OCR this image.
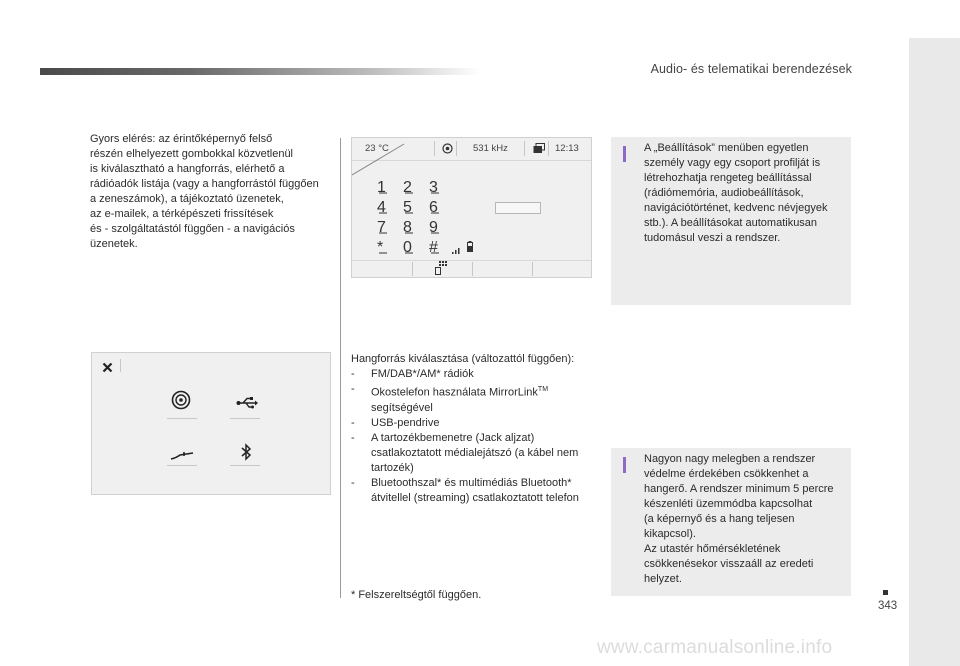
Audio- és telematikai berendezések
343
Gyors elérés: az érintőképernyő felső
részén elhelyezett gombokkal közvetlenül
is kiválasztható a hangforrás, elérhető a
rádióadók listája (vagy a hangforrástól függően
a zeneszámok), a tájékoztató üzenetek,
az e-mailek, a térképészeti frissítések
és - szolgáltatástól függően - a navigációs
üzenetek.
23 °C	531 kHz	12:13
1 2 3
4 5 6
7 8 9
* 0 #
Hangforrás kiválasztása (változattól függően):
- FM/DAB*/AM* rádiók
- Okostelefon használata MirrorLink™
segítségével
- USB-pendrive
- A tartozékbemenetre (Jack aljzat) csatlakoztatott médialejátszó (a kábel nem tartozék)
- Bluetoothszal* és multimédiás Bluetooth* átvitellel (streaming) csatlakoztatott telefon
* Felszereltségtől függően.
A „Beállítások” menüben egyetlen
személy vagy egy csoport profilját is
létrehozhatja rengeteg beállítással
(rádiómemória, audiobeállítások,
navigációtörténet, kedvenc névjegyek
stb.). A beállításokat automatikusan
tudomásul veszi a rendszer.
Nagyon nagy melegben a rendszer
védelme érdekében csökkenhet a
hangerő. A rendszer minimum 5 percre
készenléti üzemmódba kapcsolhat
(a képernyő és a hang teljesen
kikapcsol).
Az utastér hőmérsékletének
csökkenésekor visszaáll az eredeti
helyzet.
www.carmanualsonline.info
